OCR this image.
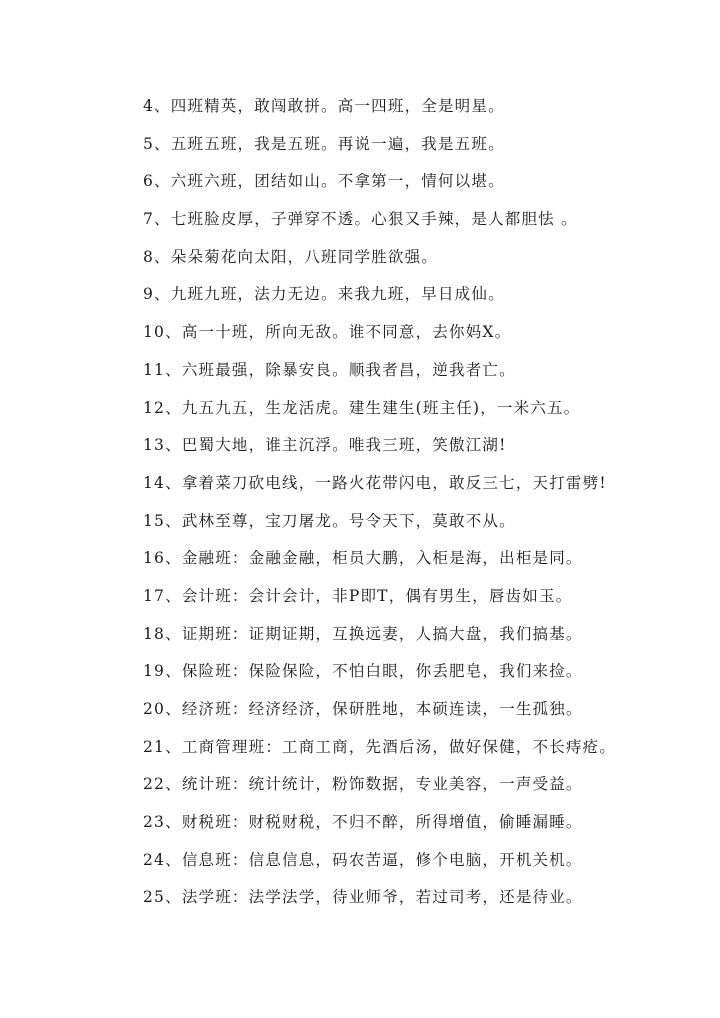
4、四班精英，敢闯敢拼。高一四班，全是明星。
5、五班五班，我是五班。再说一遍，我是五班。
6、六班六班，团结如山。不拿第一，情何以堪。
7、七班脸皮厚，子弹穿不透。心狠又手辣，是人都胆怯 。
8、朵朵菊花向太阳，八班同学胜欲强。
9、九班九班，法力无边。来我九班，早日成仙。
10、高一十班，所向无敌。谁不同意，去你妈X。
11、六班最强，除暴安良。顺我者昌，逆我者亡。
12、九五九五，生龙活虎。建生建生(班主任)，一米六五。
13、巴蜀大地，谁主沉浮。唯我三班，笑傲江湖!
14、拿着菜刀砍电线，一路火花带闪电，敢反三七，天打雷劈!
15、武林至尊，宝刀屠龙。号令天下，莫敢不从。
16、金融班：金融金融，柜员大鹏，入柜是海，出柜是同。
17、会计班：会计会计，非P即T，偶有男生，唇齿如玉。
18、证期班：证期证期，互换远妻，人搞大盘，我们搞基。
19、保险班：保险保险，不怕白眼，你丢肥皂，我们来捡。
20、经济班：经济经济，保研胜地，本硕连读，一生孤独。
21、工商管理班：工商工商，先酒后汤，做好保健，不长痔疮。
22、统计班：统计统计，粉饰数据，专业美容，一声受益。
23、财税班：财税财税，不归不醉，所得增值，偷睡漏睡。
24、信息班：信息信息，码农苦逼，修个电脑，开机关机。
25、法学班：法学法学，待业师爷，若过司考，还是待业。
